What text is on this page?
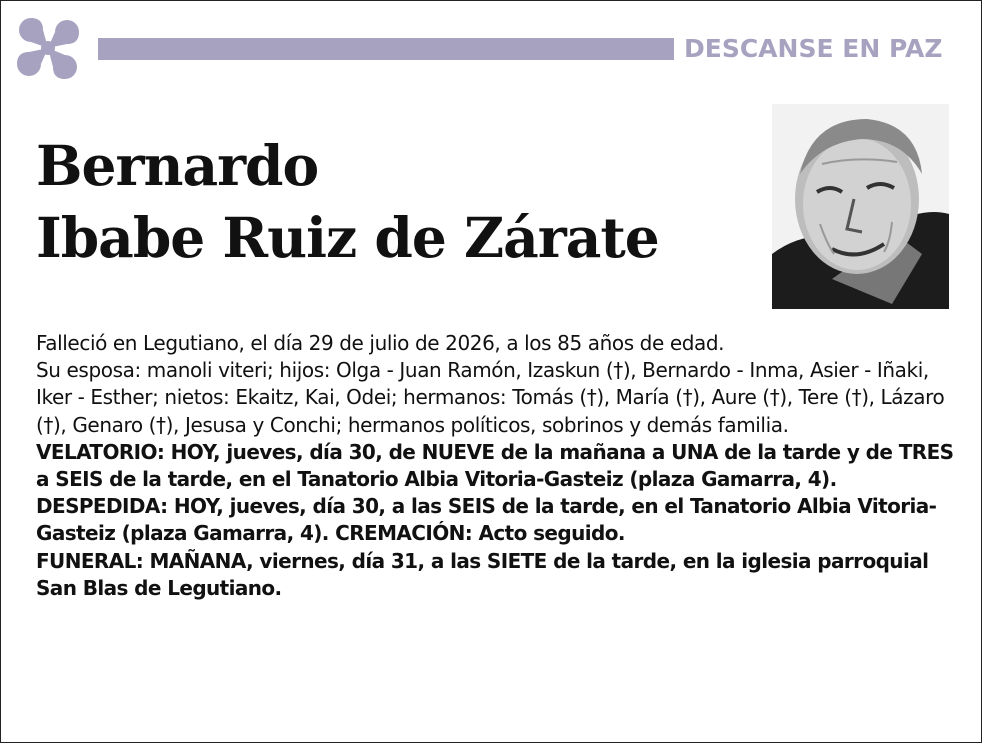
DESCANSE EN PAZ
Bernardo
Ibabe Ruiz de Zárate

Falleció en Legutiano, el día 29 de julio de 2026, a los 85 años de edad.

Su esposa: manoli viteri; hijos: Olga - Juan Ramón, Izaskun (†), Bernardo - Inma, Asier - Iñaki, Iker - Esther; nietos: Ekaitz, Kai, Odei; hermanos: Tomás (†), María (†), Aure (†), Tere (†), Lázaro (†), Genaro (†), Jesusa y Conchi; hermanos políticos, sobrinos y demás familia.

VELATORIO: HOY, jueves, día 30, de NUEVE de la mañana a UNA de la tarde y de TRES a SEIS de la tarde, en el Tanatorio Albia Vitoria-Gasteiz (plaza Gamarra, 4).

DESPEDIDA: HOY, jueves, día 30, a las SEIS de la tarde, en el Tanatorio Albia Vitoria-Gasteiz (plaza Gamarra, 4). CREMACIÓN: Acto seguido.

FUNERAL: MAÑANA, viernes, día 31, a las SIETE de la tarde, en la iglesia parroquial San Blas de Legutiano.
